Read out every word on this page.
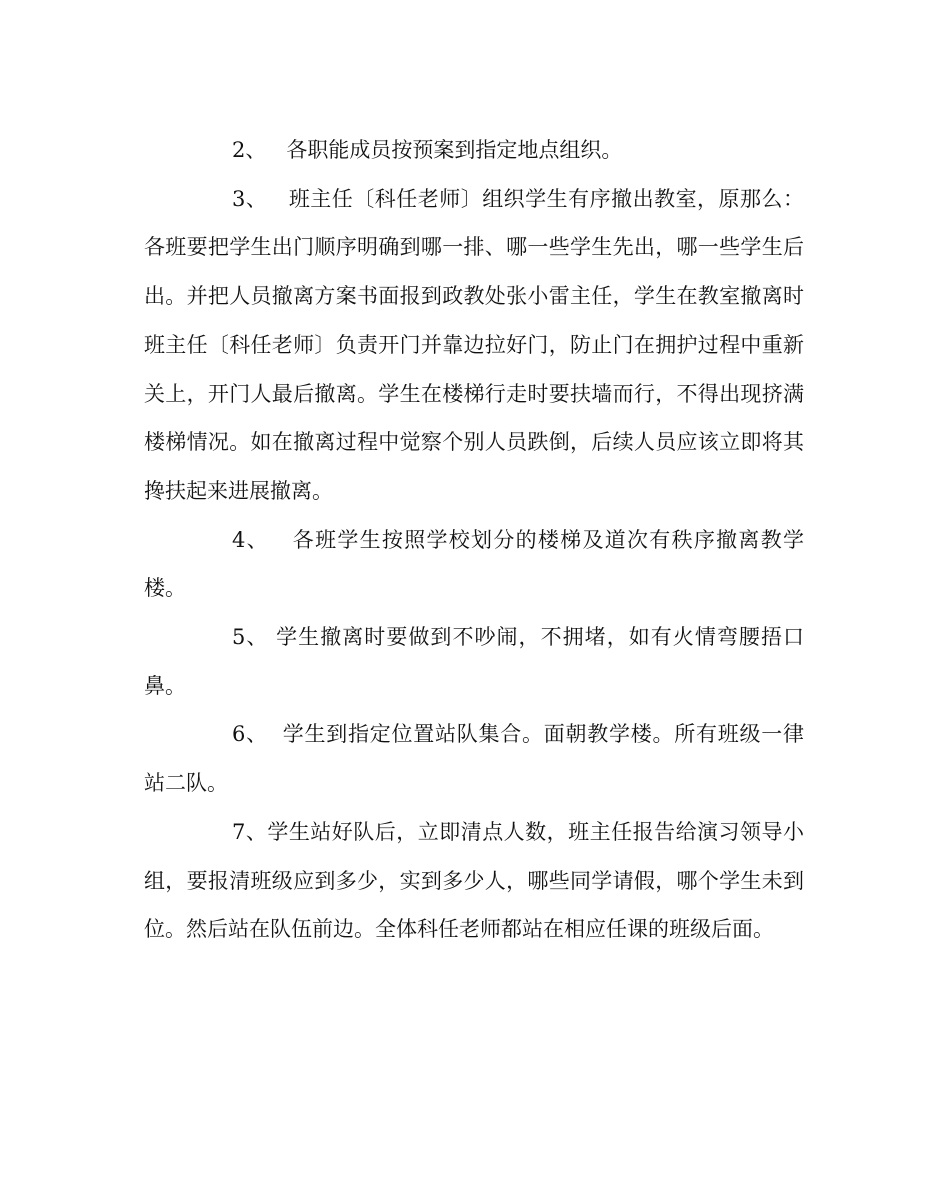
2、   各职能成员按预案到指定地点组织。

3、   班主任〔科任老师〕组织学生有序撤出教室，原那么：各班要把学生出门顺序明确到哪一排、哪一些学生先出，哪一些学生后出。并把人员撤离方案书面报到政教处张小雷主任，学生在教室撤离时班主任〔科任老师〕负责开门并靠边拉好门，防止门在拥护过程中重新关上，开门人最后撤离。学生在楼梯行走时要扶墙而行，不得出现挤满楼梯情况。如在撤离过程中觉察个别人员跌倒，后续人员应该立即将其搀扶起来进展撤离。

4、   各班学生按照学校划分的楼梯及道次有秩序撤离教学楼。

5、 学生撤离时要做到不吵闹，不拥堵，如有火情弯腰捂口鼻。

6、  学生到指定位置站队集合。面朝教学楼。所有班级一律站二队。

7、学生站好队后，立即清点人数，班主任报告给演习领导小组，要报清班级应到多少，实到多少人，哪些同学请假，哪个学生未到位。然后站在队伍前边。全体科任老师都站在相应任课的班级后面。
